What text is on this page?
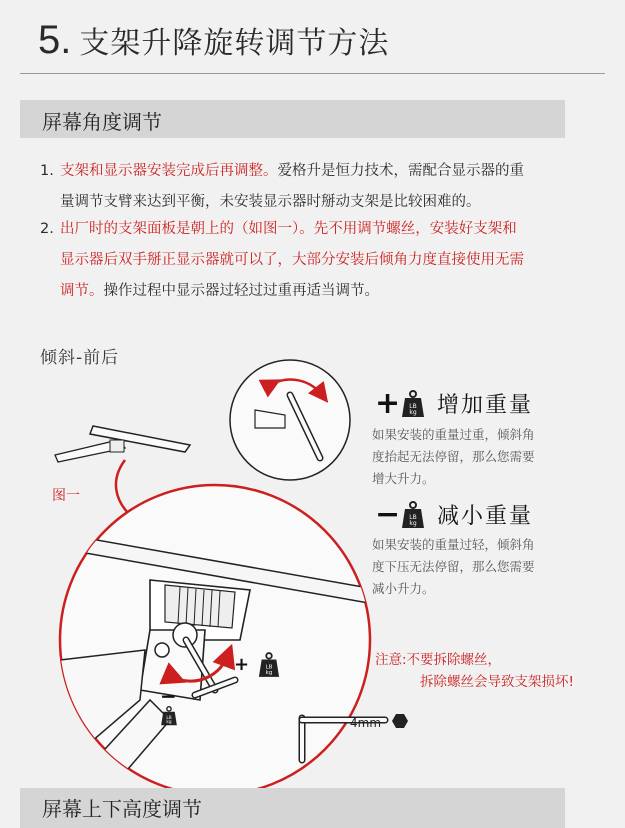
5. 支架升降旋转调节方法
屏幕角度调节
1. 支架和显示器安装完成后再调整。爱格升是恒力技术，需配合显示器的重
量调节支臂来达到平衡，未安装显示器时掰动支架是比较困难的。
2. 出厂时的支架面板是朝上的（如图一）。先不用调节螺丝，安装好支架和
显示器后双手掰正显示器就可以了，大部分安装后倾角力度直接使用无需
调节。操作过程中显示器过轻过过重再适当调节。
倾斜-前后
+
−
+ LB
kg 增加重量
如果安装的重量过重，倾斜角
度抬起无法停留，那么您需要
增大升力。
− LB
kg 减小重量
如果安装的重量过轻，倾斜角
度下压无法停留，那么您需要
减小升力。
LB
kg
LB
kg
图一
注意:不要拆除螺丝，
拆除螺丝会导致支架损坏!
4mm
屏幕上下高度调节
